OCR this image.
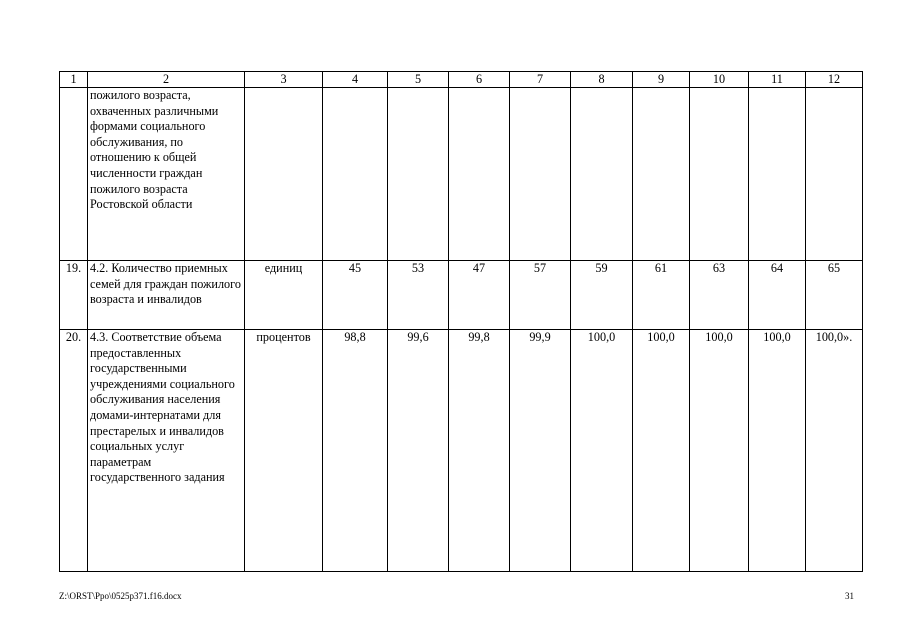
1	2	3	4	5	6	7	8	9	10	11	12
	пожилого возраста, охваченных различными формами социального обслуживания, по отношению к общей численности граждан пожилого возраста Ростовской области										
19.	4.2. Количество приемных семей для граждан пожилого возраста и инвалидов	единиц	45	53	47	57	59	61	63	64	65
20.	4.3. Соответствие объема предоставленных государственными учреждениями социального обслуживания населения домами-интернатами для престарелых и инвалидов социальных услуг параметрам государственного задания	процентов	98,8	99,6	99,8	99,9	100,0	100,0	100,0	100,0	100,0».
Z:\ORST\Ppo\0525p371.f16.docx	31
